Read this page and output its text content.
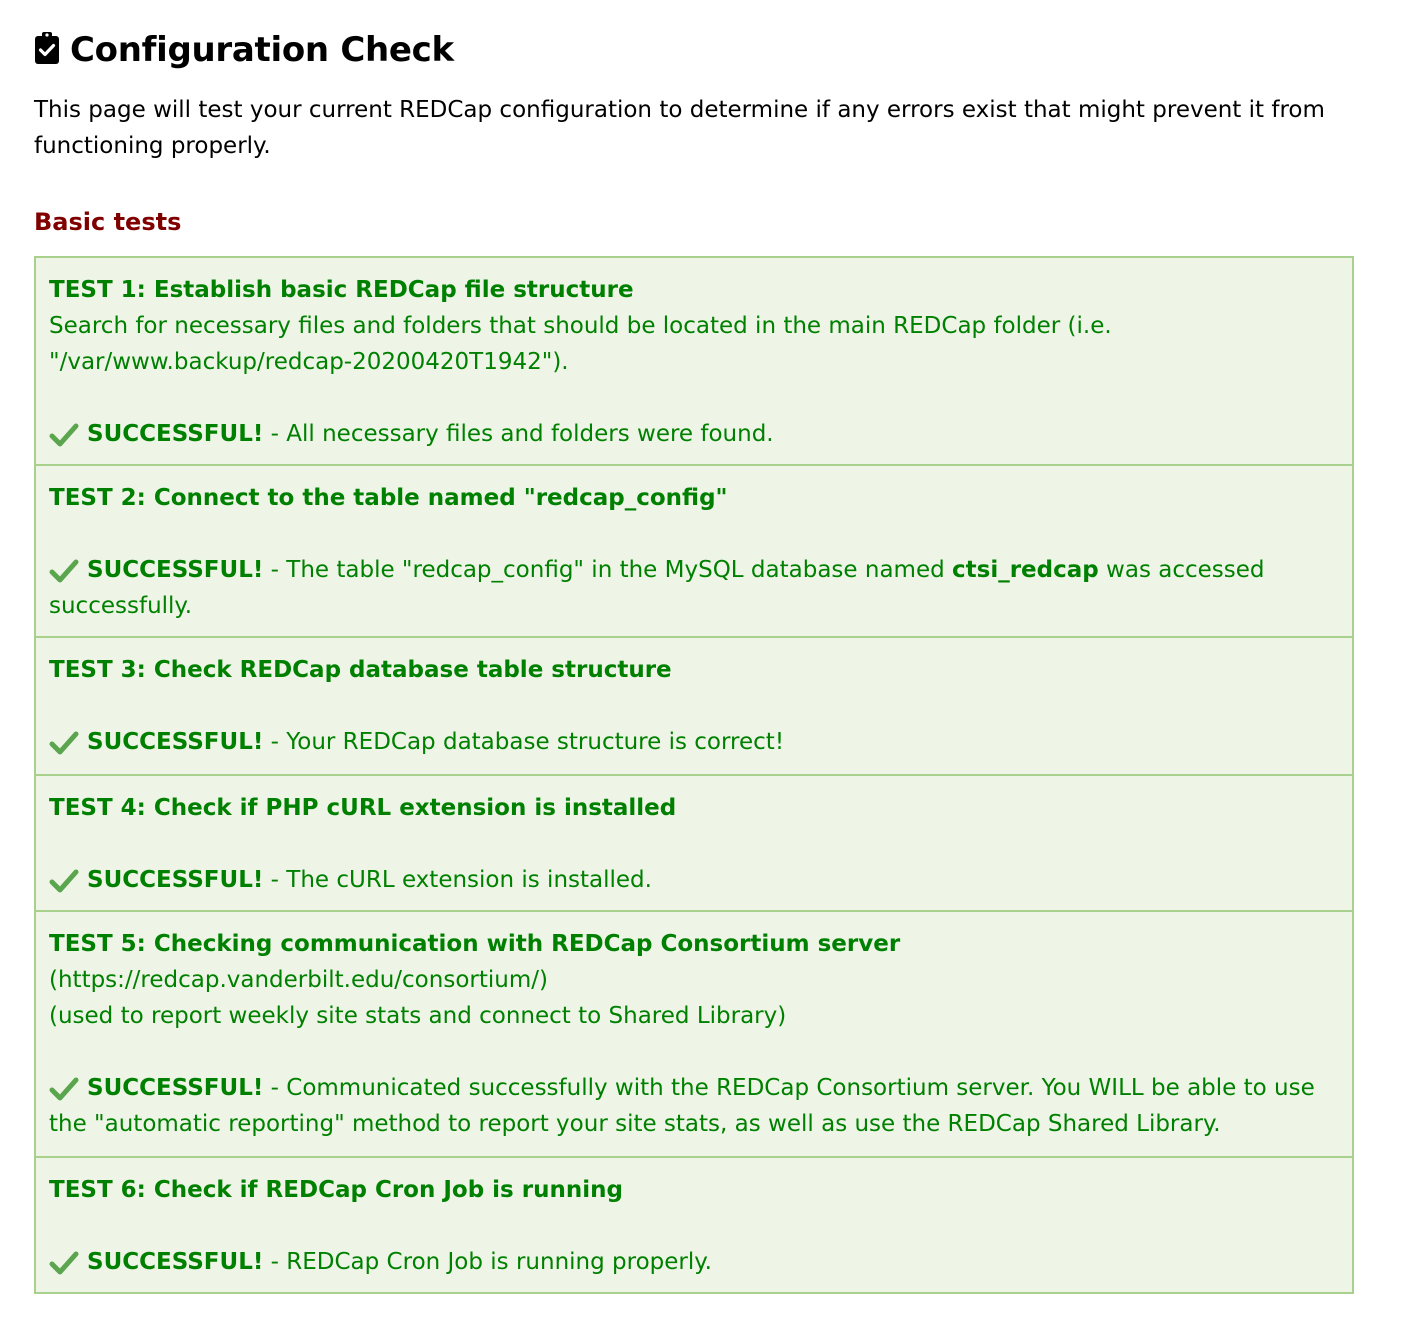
Configuration Check
This page will test your current REDCap configuration to determine if any errors exist that might prevent it from functioning properly.
Basic tests
TEST 1: Establish basic REDCap file structure
Search for necessary files and folders that should be located in the main REDCap folder (i.e. "/var/www.backup/redcap-20200420T1942").
SUCCESSFUL! - All necessary files and folders were found.
TEST 2: Connect to the table named "redcap_config"
SUCCESSFUL! - The table "redcap_config" in the MySQL database named ctsi_redcap was accessed successfully.
TEST 3: Check REDCap database table structure
SUCCESSFUL! - Your REDCap database structure is correct!
TEST 4: Check if PHP cURL extension is installed
SUCCESSFUL! - The cURL extension is installed.
TEST 5: Checking communication with REDCap Consortium server
(https://redcap.vanderbilt.edu/consortium/)
(used to report weekly site stats and connect to Shared Library)
SUCCESSFUL! - Communicated successfully with the REDCap Consortium server. You WILL be able to use the "automatic reporting" method to report your site stats, as well as use the REDCap Shared Library.
TEST 6: Check if REDCap Cron Job is running
SUCCESSFUL! - REDCap Cron Job is running properly.
